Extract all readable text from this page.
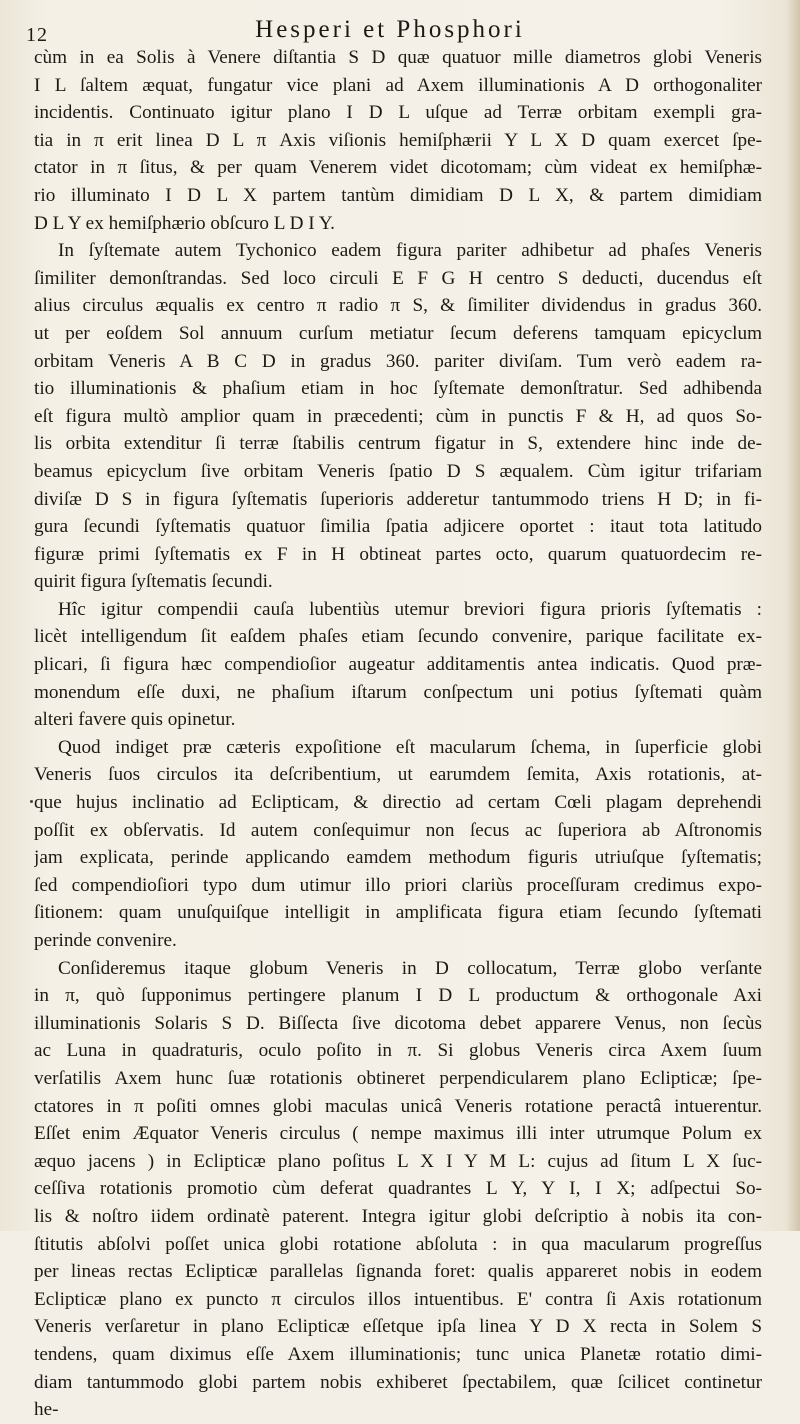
12	Hesperi et Phosphori
cùm in ea Solis à Venere diſtantia S D quæ quatuor mille diametros globi Veneris
I L ſaltem æquat, fungatur vice plani ad Axem illuminationis A D orthogonaliter
incidentis. Continuato igitur plano I D L uſque ad Terræ orbitam exempli gra-
tia in π erit linea D L π Axis viſionis hemiſphærii Y L X D quam exercet ſpe-
ctator in π ſitus, & per quam Venerem videt dicotomam; cùm videat ex hemiſphæ-
rio illuminato I D L X partem tantùm dimidiam D L X, & partem dimidiam
D L Y ex hemiſphærio obſcuro L D I Y.
In ſyſtemate autem Tychonico eadem figura pariter adhibetur ad phaſes Veneris
ſimiliter demonſtrandas. Sed loco circuli E F G H centro S deducti, ducendus eſt
alius circulus æqualis ex centro π radio π S, & ſimiliter dividendus in gradus 360.
ut per eoſdem Sol annuum curſum metiatur ſecum deferens tamquam epicyclum
orbitam Veneris A B C D in gradus 360. pariter diviſam. Tum verò eadem ra-
tio illuminationis & phaſium etiam in hoc ſyſtemate demonſtratur. Sed adhibenda
eſt figura multò amplior quam in præcedenti; cùm in punctis F & H, ad quos So-
lis orbita extenditur ſi terræ ſtabilis centrum figatur in S, extendere hinc inde de-
beamus epicyclum ſive orbitam Veneris ſpatio D S æqualem. Cùm igitur trifariam
diviſæ D S in figura ſyſtematis ſuperioris adderetur tantummodo triens H D; in fi-
gura ſecundi ſyſtematis quatuor ſimilia ſpatia adjicere oportet : itaut tota latitudo
figuræ primi ſyſtematis ex F in H obtineat partes octo, quarum quatuordecim re-
quirit figura ſyſtematis ſecundi.
Hîc igitur compendii cauſa lubentiùs utemur breviori figura prioris ſyſtematis :
licèt intelligendum ſit eaſdem phaſes etiam ſecundo convenire, parique facilitate ex-
plicari, ſi figura hæc compendioſior augeatur additamentis antea indicatis. Quod præ-
monendum eſſe duxi, ne phaſium iſtarum conſpectum uni potius ſyſtemati quàm
alteri favere quis opinetur.
Quod indiget præ cæteris expoſitione eſt macularum ſchema, in ſuperficie globi
Veneris ſuos circulos ita deſcribentium, ut earumdem ſemita, Axis rotationis, at-
que hujus inclinatio ad Eclipticam, & directio ad certam Cœli plagam deprehendi
poſſit ex obſervatis. Id autem conſequimur non ſecus ac ſuperiora ab Aſtronomis
jam explicata, perinde applicando eamdem methodum figuris utriuſque ſyſtematis;
ſed compendioſiori typo dum utimur illo priori clariùs proceſſuram credimus expo-
ſitionem: quam unuſquiſque intelligit in amplificata figura etiam ſecundo ſyſtemati
perinde convenire.
Conſideremus itaque globum Veneris in D collocatum, Terræ globo verſante
in π, quò ſupponimus pertingere planum I D L productum & orthogonale Axi
illuminationis Solaris S D. Biſſecta ſive dicotoma debet apparere Venus, non ſecùs
ac Luna in quadraturis, oculo poſito in π. Si globus Veneris circa Axem ſuum
verſatilis Axem hunc ſuæ rotationis obtineret perpendicularem plano Eclipticæ; ſpe-
ctatores in π poſiti omnes globi maculas unicâ Veneris rotatione peractâ intuerentur.
Eſſet enim Æquator Veneris circulus ( nempe maximus illi inter utrumque Polum ex
æquo jacens ) in Eclipticæ plano poſitus L X I Y M L: cujus ad ſitum L X ſuc-
ceſſiva rotationis promotio cùm deferat quadrantes L Y, Y I, I X; adſpectui So-
lis & noſtro iidem ordinatè paterent. Integra igitur globi deſcriptio à nobis ita con-
ſtitutis abſolvi poſſet unica globi rotatione abſoluta : in qua macularum progreſſus
per lineas rectas Eclipticæ parallelas ſignanda foret: qualis appareret nobis in eodem
Eclipticæ plano ex puncto π circulos illos intuentibus. E' contra ſi Axis rotationum
Veneris verſaretur in plano Eclipticæ eſſetque ipſa linea Y D X recta in Solem S
tendens, quam diximus eſſe Axem illuminationis; tunc unica Planetæ rotatio dimi-
diam tantummodo globi partem nobis exhiberet ſpectabilem, quæ ſcilicet continetur
he-
